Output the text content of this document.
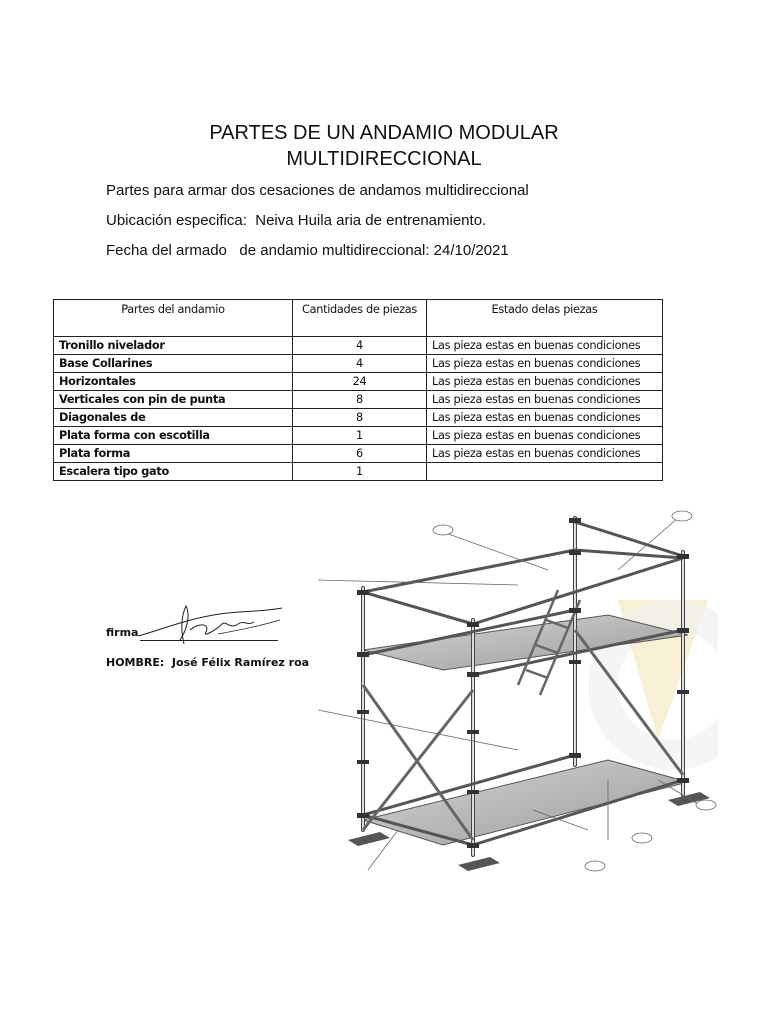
PARTES DE UN ANDAMIO MODULAR
MULTIDIRECCIONAL
Partes para armar dos cesaciones de andamos multidireccional
Ubicación especifica:  Neiva Huila aria de entrenamiento.
Fecha del armado   de andamio multidireccional: 24/10/2021
Partes del andamio	Cantidades de piezas	Estado delas piezas
Tronillo nivelador	4	Las pieza estas en buenas condiciones
Base Collarines	4	Las pieza estas en buenas condiciones
Horizontales	24	Las pieza estas en buenas condiciones
Verticales con pin de punta	8	Las pieza estas en buenas condiciones
Diagonales de	8	Las pieza estas en buenas condiciones
Plata forma con escotilla	1	Las pieza estas en buenas condiciones
Plata forma	6	Las pieza estas en buenas condiciones
Escalera tipo gato	1	
firma
HOMBRE:  José Félix Ramírez roa
